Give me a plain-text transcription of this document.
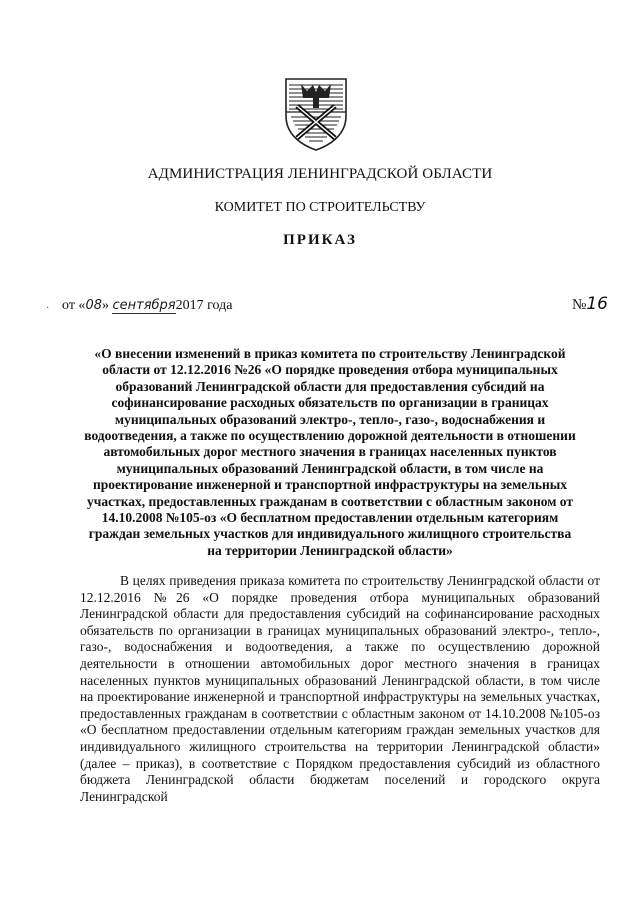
АДМИНИСТРАЦИЯ ЛЕНИНГРАДСКОЙ ОБЛАСТИ
КОМИТЕТ ПО СТРОИТЕЛЬСТВУ
ПРИКАЗ
· от «08» сентября2017 года	№16
«О внесении изменений в приказ комитета по строительству Ленинградской области от 12.12.2016 №26 «О порядке проведения отбора муниципальных образований Ленинградской области для предоставления субсидий на софинансирование расходных обязательств по организации в границах муниципальных образований электро-, тепло-, газо-, водоснабжения и водоотведения, а также по осуществлению дорожной деятельности в отношении автомобильных дорог местного значения в границах населенных пунктов муниципальных образований Ленинградской области, в том числе на проектирование инженерной и транспортной инфраструктуры на земельных участках, предоставленных гражданам в соответствии с областным законом от 14.10.2008 №105-оз «О бесплатном предоставлении отдельным категориям граждан земельных участков для индивидуального жилищного строительства на территории Ленинградской области»
В целях приведения приказа комитета по строительству Ленинградской области от 12.12.2016 №26 «О порядке проведения отбора муниципальных образований Ленинградской области для предоставления субсидий на софинансирование расходных обязательств по организации в границах муниципальных образований электро-, тепло-, газо-, водоснабжения и водоотведения, а также по осуществлению дорожной деятельности в отношении автомобильных дорог местного значения в границах населенных пунктов муниципальных образований Ленинградской области, в том числе на проектирование инженерной и транспортной инфраструктуры на земельных участках, предоставленных гражданам в соответствии с областным законом от 14.10.2008 №105-оз «О бесплатном предоставлении отдельным категориям граждан земельных участков для индивидуального жилищного строительства на территории Ленинградской области» (далее – приказ), в соответствие с Порядком предоставления субсидий из областного бюджета Ленинградской области бюджетам поселений и городского округа Ленинградской
